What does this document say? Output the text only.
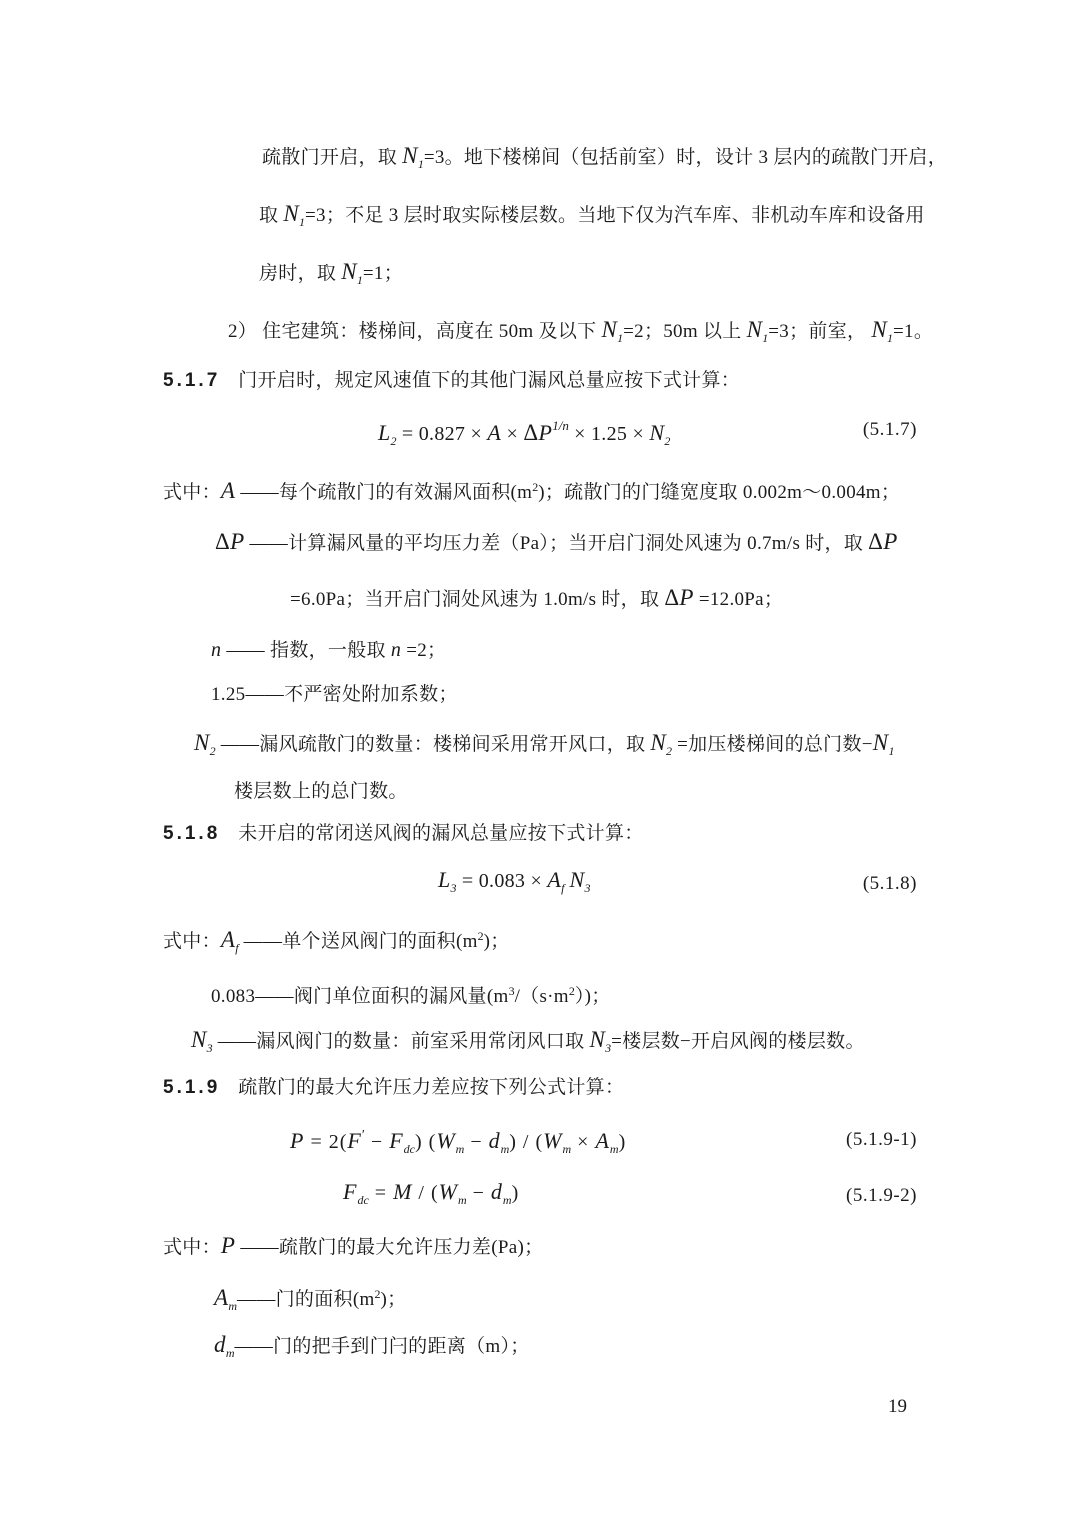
疏散门开启，取 $N_1=3$。地下楼梯间（包括前室）时，设计 3 层内的疏散门开启，
取 $N_1=3$；不足 3 层时取实际楼层数。当地下仅为汽车库、非机动车库和设备用
房时，取 $N_1=1$；
2） 住宅建筑：楼梯间，高度在 50m 及以下 $N_1=2$；50m 以上 $N_1=3$；前室， $N_1=1$。
5.1.7 门开启时，规定风速值下的其他门漏风总量应按下式计算：
$L_2 = 0.827 \times A \times \Delta P^{1/n} \times 1.25 \times N_2$
(5.1.7)
式中：A ——每个疏散门的有效漏风面积$(m^2)$；疏散门的门缝宽度取 0.002m～0.004m；
ΔP ——计算漏风量的平均压力差（Pa）；当开启门洞处风速为 0.7m/s 时，取 ΔP
=6.0Pa；当开启门洞处风速为 1.0m/s 时，取 ΔP =12.0Pa；
n —— 指数，一般取 n =2；
1.25——不严密处附加系数；
$N_2$ ——漏风疏散门的数量：楼梯间采用常开风口，取 $N_2$ =加压楼梯间的总门数$-N_1$
楼层数上的总门数。
5.1.8 未开启的常闭送风阀的漏风总量应按下式计算：
$L_3 = 0.083 \times A_f$ $N_3$	(5.1.8)
式中：$A_f$ ——单个送风阀门的面积$(m^2)$；
0.083——阀门单位面积的漏风量$(m^3/(s\cdot m^2))$；
$N_3$ ——漏风阀门的数量：前室采用常闭风口取 $N_3=$楼层数−开启风阀的楼层数。
5.1.9 疏散门的最大允许压力差应按下列公式计算：
$P = 2(F' - F_{dc})$ $(W_m - d_m) / (W_m \times A_m)$	(5.1.9-1)
$F_{dc} = M / (W_m - d_m)$	(5.1.9-2)
式中：P ——疏散门的最大允许压力差(Pa)；
$A_m——$门的面积$(m^2)$；
$d_m——$门的把手到门闩的距离（m）；
19
